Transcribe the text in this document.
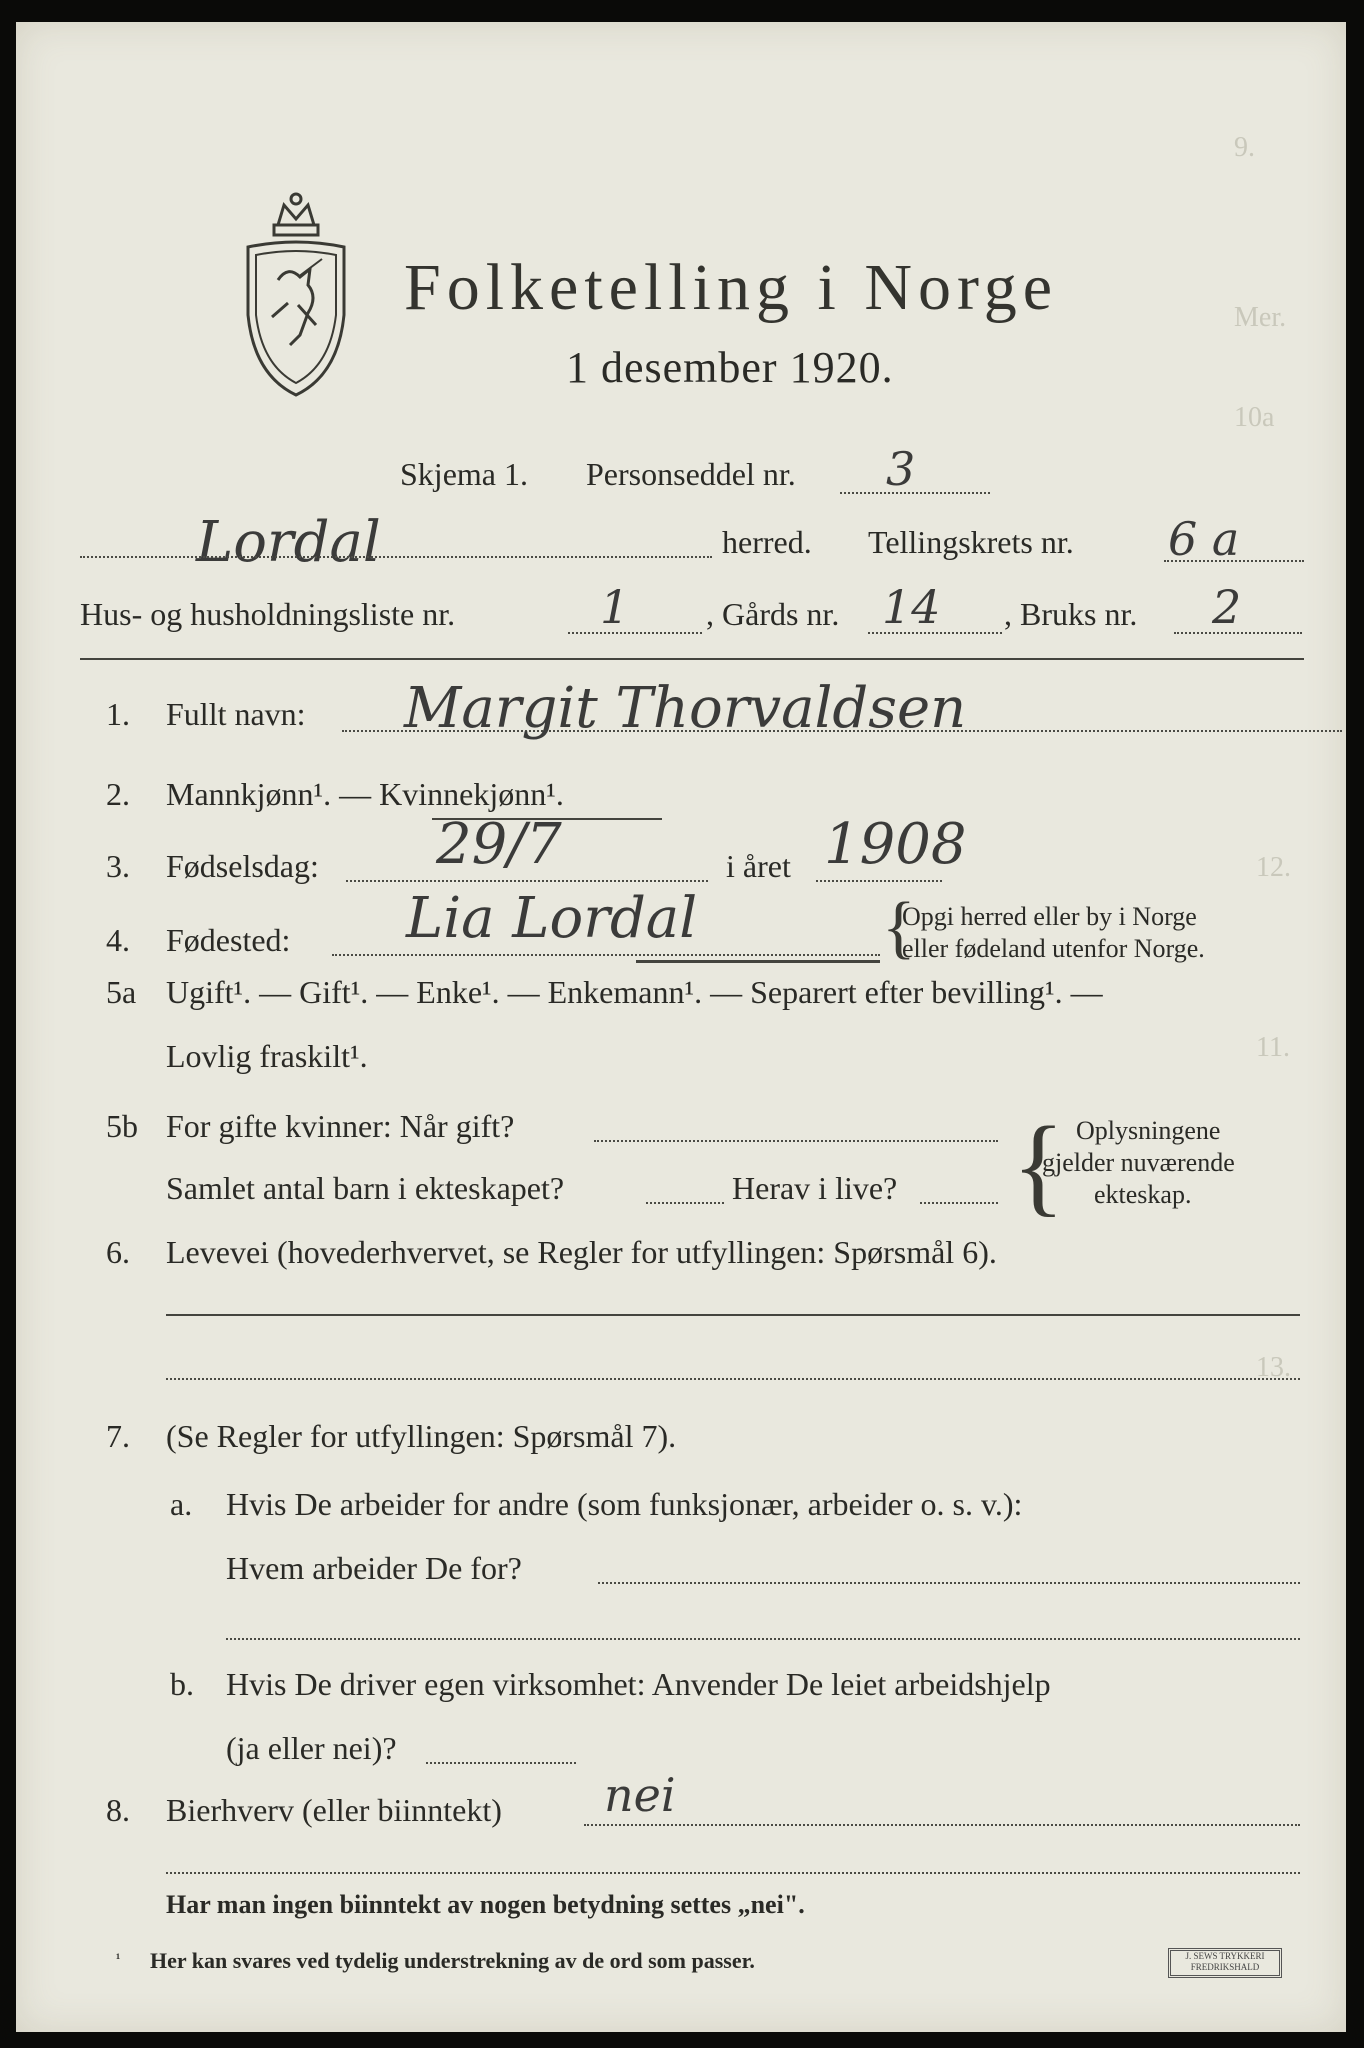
Folketelling i Norge
1 desember 1920.
Skjema 1. Personseddel nr. 3
Lordal	herred. Tellingskrets nr. 6 a
Hus- og husholdningsliste nr.	1 , Gårds nr. 14 , Bruks nr. 2
1. Fullt navn: Margit Thorvaldsen
2. Mannkjønn¹. — Kvinnekjønn¹.
3. Fødselsdag: 29/7	i året 1908
4. Fødested: Lia Lordal	{
Opgi herred eller by i Norge
eller fødeland utenfor Norge.
5a Ugift¹. — Gift¹. — Enke¹. — Enkemann¹. — Separert efter bevilling¹. —
Lovlig fraskilt¹.
5b For gifte kvinner: Når gift?
Samlet antal barn i ekteskapet?	Herav i live? { Oplysningene
gjelder nuværende
ekteskap.
6. Levevei (hovederhvervet, se Regler for utfyllingen: Spørsmål 6).
7. (Se Regler for utfyllingen: Spørsmål 7).
a. Hvis De arbeider for andre (som funksjonær, arbeider o. s. v.):
Hvem arbeider De for?
b. Hvis De driver egen virksomhet: Anvender De leiet arbeidshjelp
(ja eller nei)?
8. Bierhverv (eller biinntekt) nei
Har man ingen biinntekt av nogen betydning settes „nei".
¹ Her kan svares ved tydelig understrekning av de ord som passer.	J. SEWS TRYKKERI
FREDRIKSHALD
9.
Mer.
10a
11.
12.
13.
